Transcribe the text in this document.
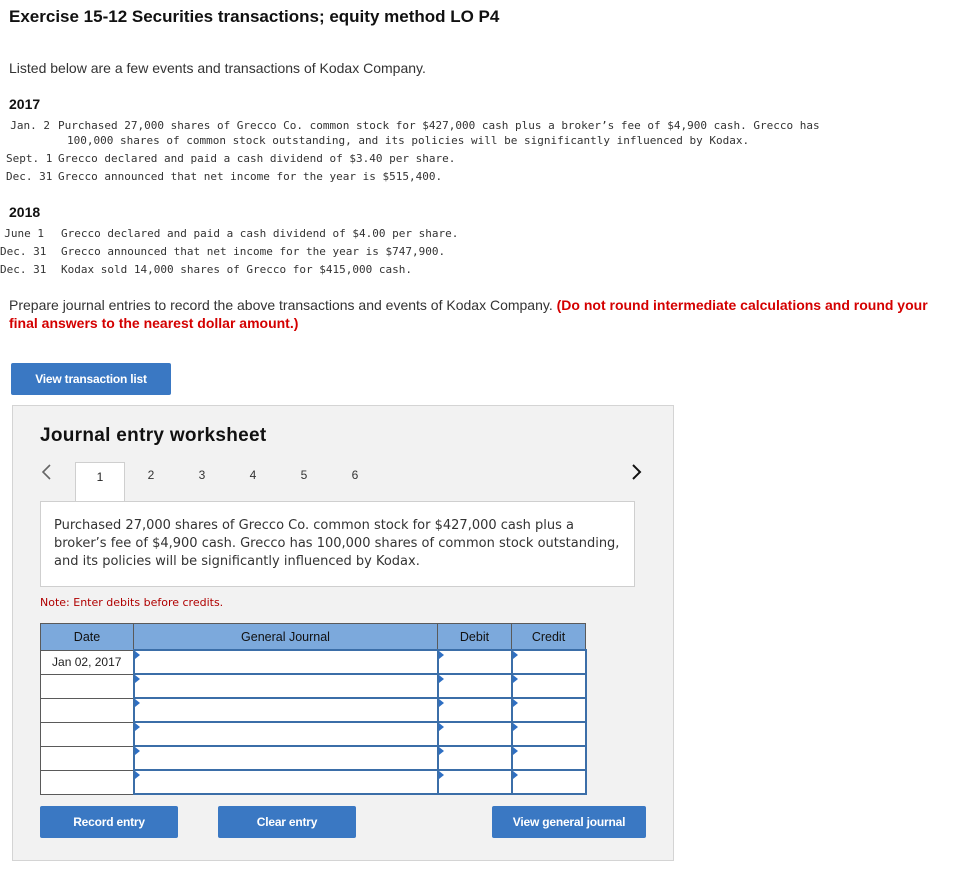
Exercise 15-12 Securities transactions; equity method LO P4
Listed below are a few events and transactions of Kodax Company.
2017
Jan. 2 Purchased 27,000 shares of Grecco Co. common stock for $427,000 cash plus a broker’s fee of $4,900 cash. Grecco has
100,000 shares of common stock outstanding, and its policies will be significantly influenced by Kodax.
Sept. 1 Grecco declared and paid a cash dividend of $3.40 per share.
Dec. 31 Grecco announced that net income for the year is $515,400.
2018
June 1 Grecco declared and paid a cash dividend of $4.00 per share.
Dec. 31 Grecco announced that net income for the year is $747,900.
Dec. 31 Kodax sold 14,000 shares of Grecco for $415,000 cash.
Prepare journal entries to record the above transactions and events of Kodax Company. (Do not round intermediate calculations and round your final answers to the nearest dollar amount.)
View transaction list
Journal entry worksheet
1	2	3	4	5	6
Purchased 27,000 shares of Grecco Co. common stock for $427,000 cash plus a broker’s fee of $4,900 cash. Grecco has 100,000 shares of common stock outstanding, and its policies will be significantly influenced by Kodax.
Note: Enter debits before credits.
Date	General Journal	Debit	Credit
Jan 02, 2017	

Record entry	Clear entry	View general journal
